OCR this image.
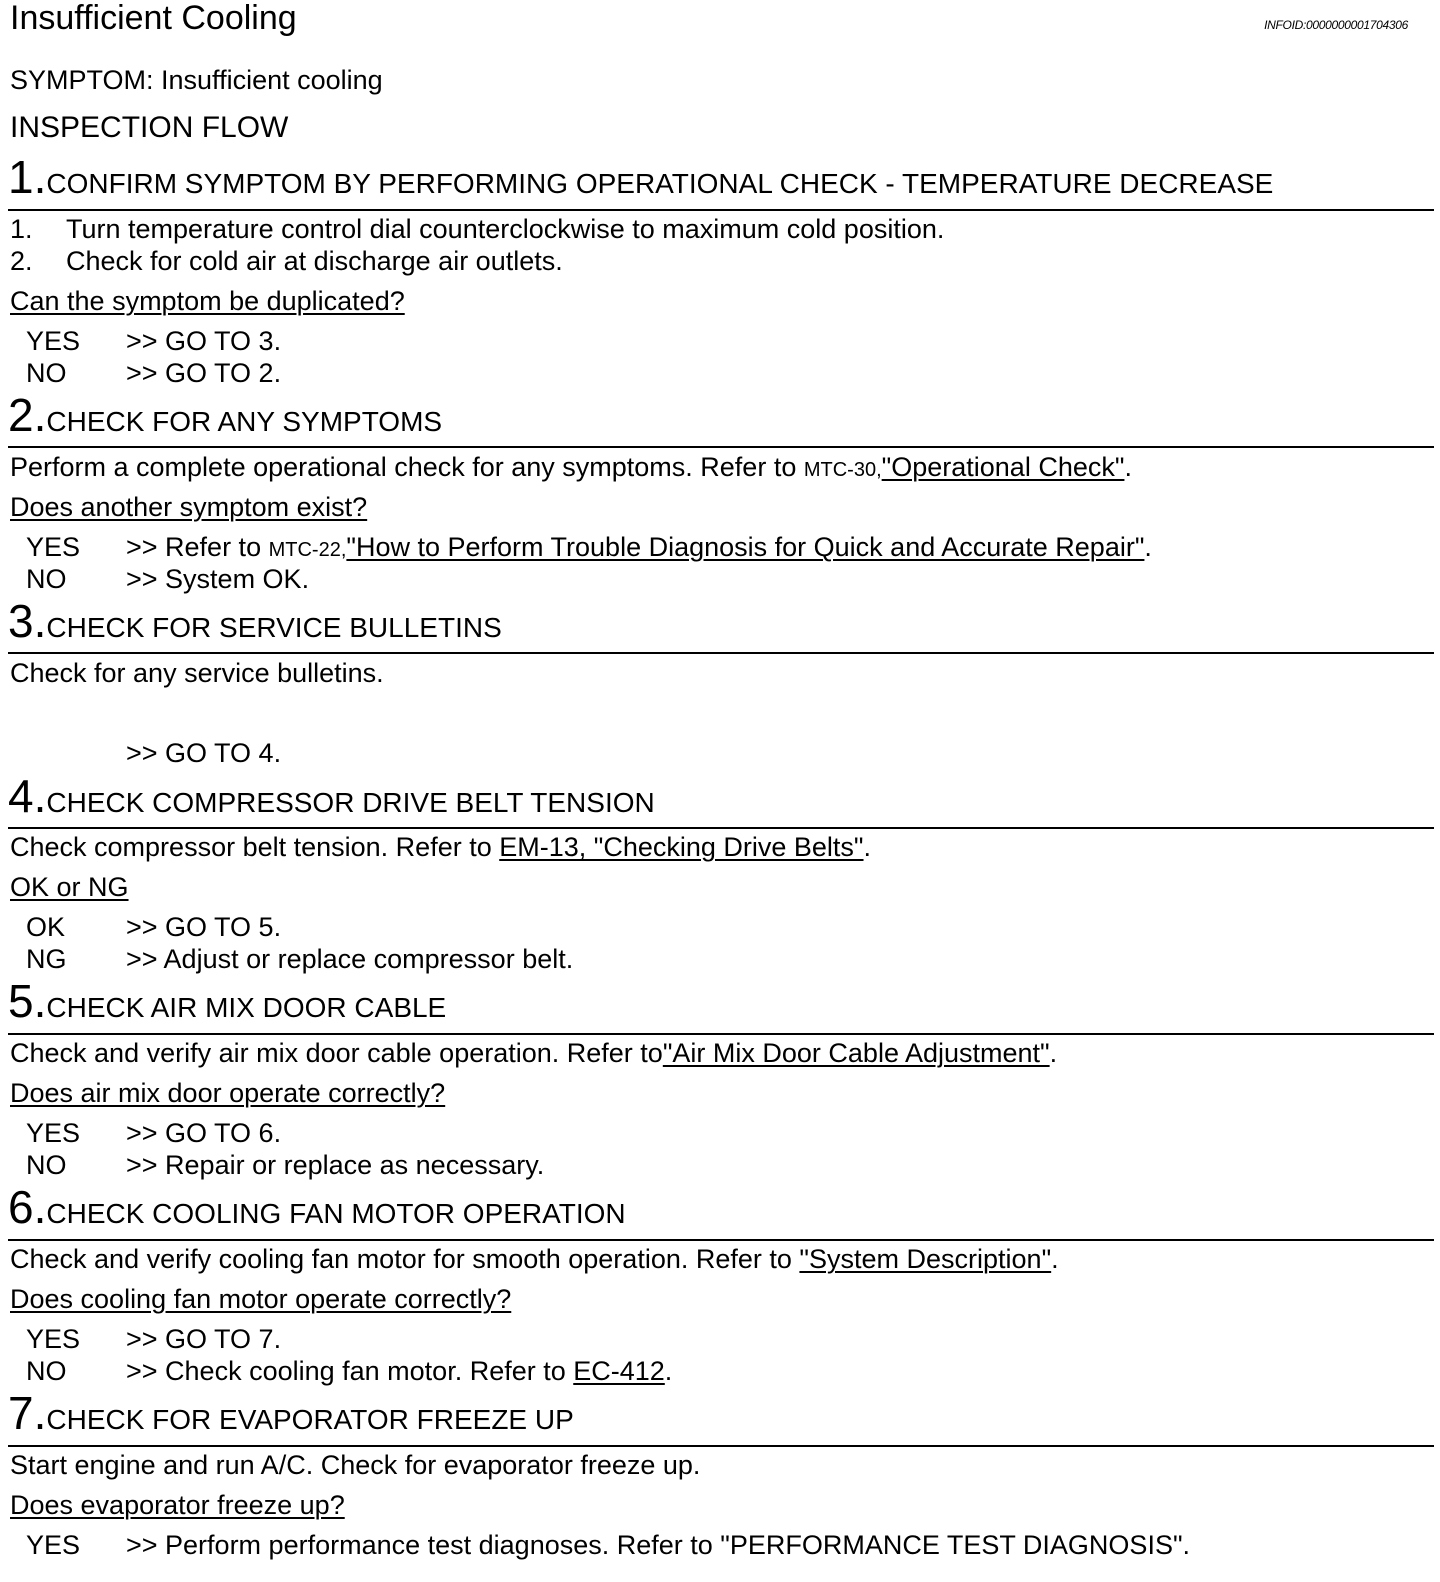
Insufficient Cooling	INFOID:0000000001704306
SYMPTOM: Insufficient cooling
INSPECTION FLOW
1. CONFIRM SYMPTOM BY PERFORMING OPERATIONAL CHECK - TEMPERATURE DECREASE
1. Turn temperature control dial counterclockwise to maximum cold position.
2. Check for cold air at discharge air outlets.
Can the symptom be duplicated?
YES >> GO TO 3.
NO >> GO TO 2.
2. CHECK FOR ANY SYMPTOMS
Perform a complete operational check for any symptoms. Refer to MTC-30,"Operational Check".
Does another symptom exist?
YES >> Refer to MTC-22,"How to Perform Trouble Diagnosis for Quick and Accurate Repair".
NO >> System OK.
3. CHECK FOR SERVICE BULLETINS
Check for any service bulletins.
>> GO TO 4.
4. CHECK COMPRESSOR DRIVE BELT TENSION
Check compressor belt tension. Refer to EM-13, "Checking Drive Belts".
OK or NG
OK >> GO TO 5.
NG >> Adjust or replace compressor belt.
5. CHECK AIR MIX DOOR CABLE
Check and verify air mix door cable operation. Refer to"Air Mix Door Cable Adjustment".
Does air mix door operate correctly?
YES >> GO TO 6.
NO >> Repair or replace as necessary.
6. CHECK COOLING FAN MOTOR OPERATION
Check and verify cooling fan motor for smooth operation. Refer to "System Description".
Does cooling fan motor operate correctly?
YES >> GO TO 7.
NO >> Check cooling fan motor. Refer to EC-412.
7. CHECK FOR EVAPORATOR FREEZE UP
Start engine and run A/C. Check for evaporator freeze up.
Does evaporator freeze up?
YES >> Perform performance test diagnoses. Refer to "PERFORMANCE TEST DIAGNOSIS".
